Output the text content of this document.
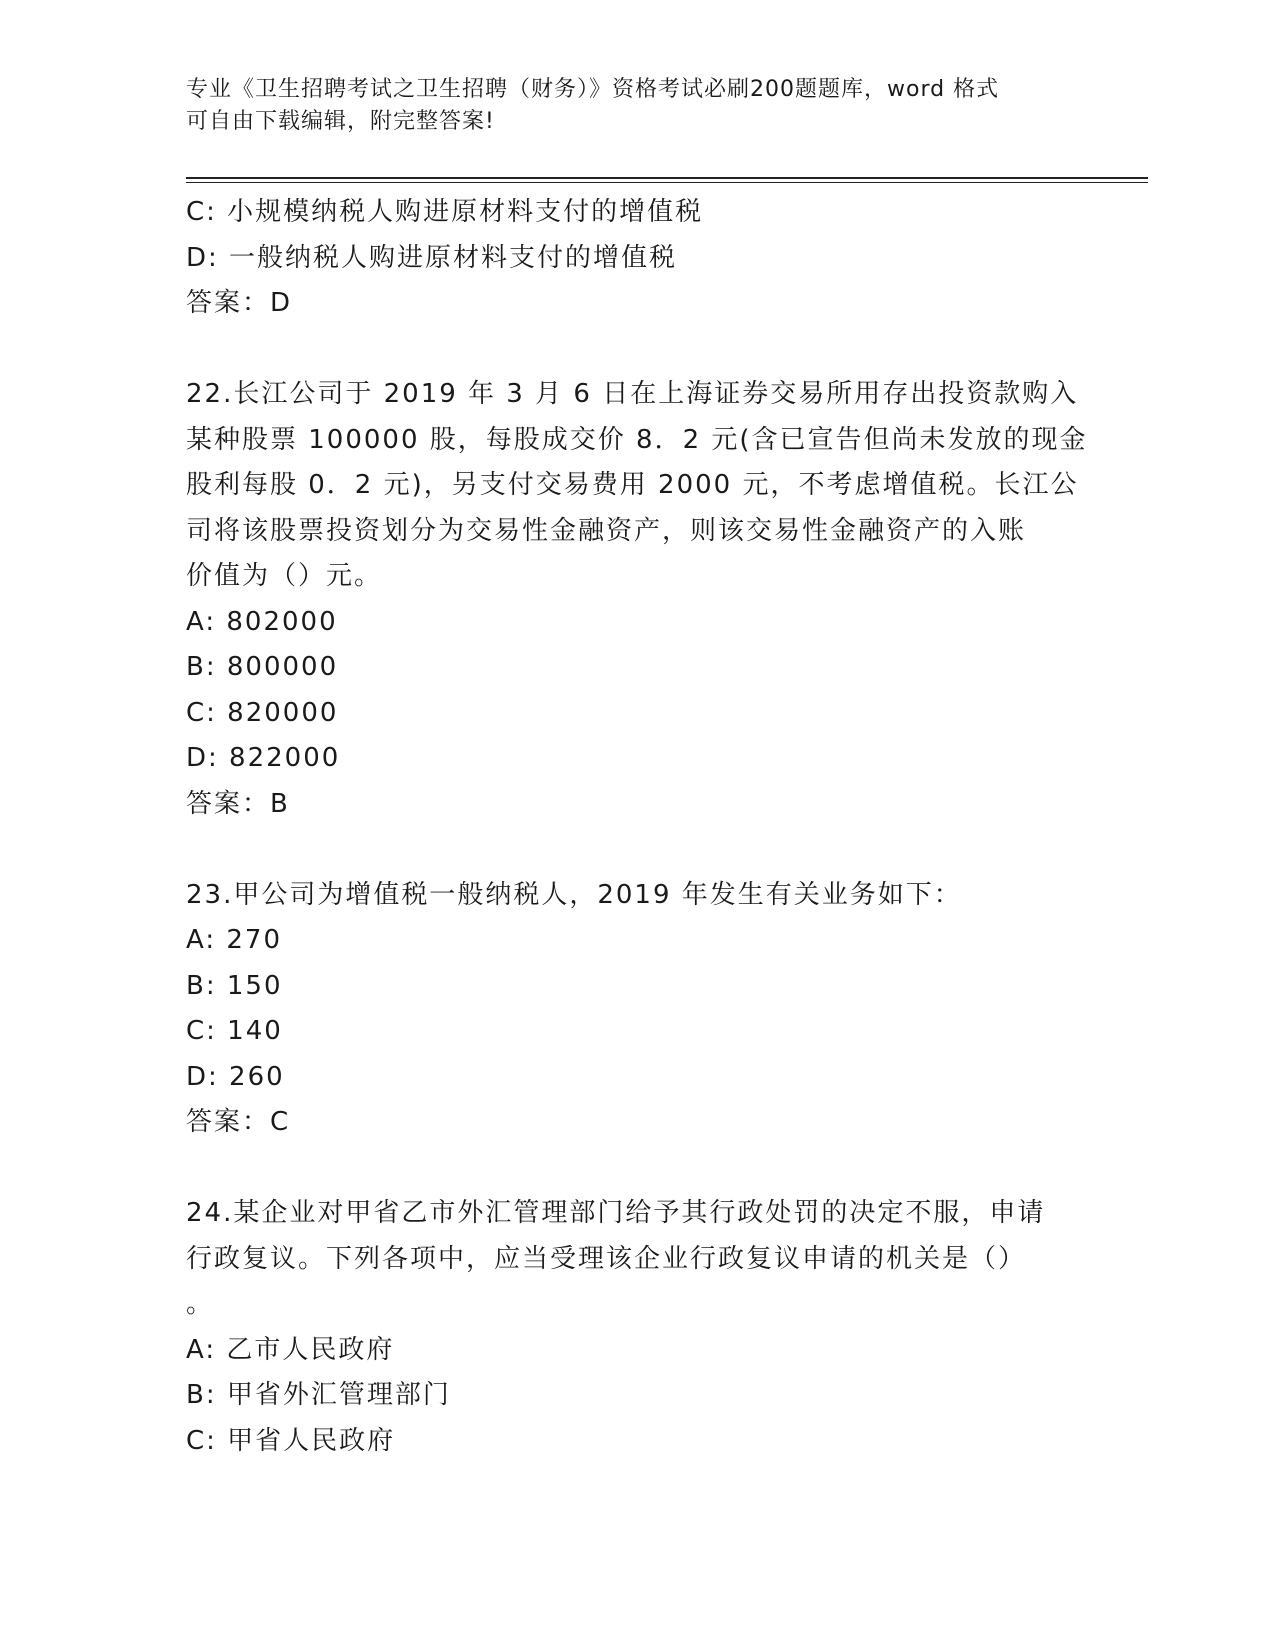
专业《卫生招聘考试之卫生招聘（财务）》资格考试必刷200题题库，word 格式
可自由下载编辑，附完整答案!
C: 小规模纳税人购进原材料支付的增值税
D: 一般纳税人购进原材料支付的增值税
答案：D
22.长江公司于 2019 年 3 月 6 日在上海证券交易所用存出投资款购入
某种股票 100000 股，每股成交价 8．2 元(含已宣告但尚未发放的现金
股利每股 0．2 元)，另支付交易费用 2000 元，不考虑增值税。长江公
司将该股票投资划分为交易性金融资产，则该交易性金融资产的入账
价值为（）元。
A: 802000
B: 800000
C: 820000
D: 822000
答案：B
23.甲公司为增值税一般纳税人，2019 年发生有关业务如下：
A: 270
B: 150
C: 140
D: 260
答案：C
24.某企业对甲省乙市外汇管理部门给予其行政处罚的决定不服，申请
行政复议。下列各项中，应当受理该企业行政复议申请的机关是（）
。
A: 乙市人民政府
B: 甲省外汇管理部门
C: 甲省人民政府
